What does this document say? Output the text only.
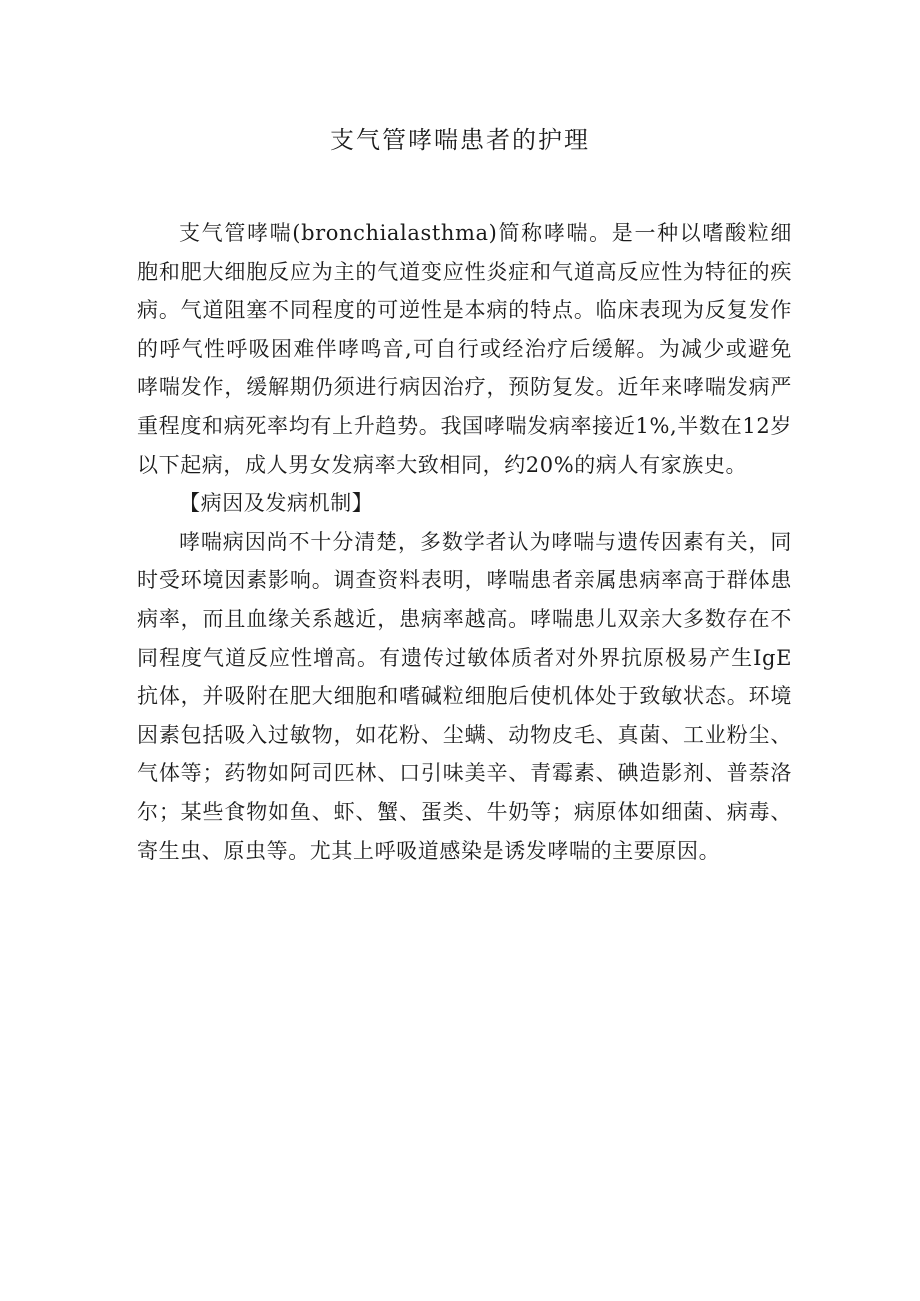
支气管哮喘患者的护理

支气管哮喘(bronchialasthma)简称哮喘。是一种以嗜酸粒细胞和肥大细胞反应为主的气道变应性炎症和气道高反应性为特征的疾病。气道阻塞不同程度的可逆性是本病的特点。临床表现为反复发作的呼气性呼吸困难伴哮鸣音,可自行或经治疗后缓解。为减少或避免哮喘发作，缓解期仍须进行病因治疗，预防复发。近年来哮喘发病严重程度和病死率均有上升趋势。我国哮喘发病率接近1%,半数在12岁以下起病，成人男女发病率大致相同，约20%的病人有家族史。

【病因及发病机制】

哮喘病因尚不十分清楚，多数学者认为哮喘与遗传因素有关，同时受环境因素影响。调查资料表明，哮喘患者亲属患病率高于群体患病率，而且血缘关系越近，患病率越高。哮喘患儿双亲大多数存在不同程度气道反应性增高。有遗传过敏体质者对外界抗原极易产生IgE抗体，并吸附在肥大细胞和嗜碱粒细胞后使机体处于致敏状态。环境因素包括吸入过敏物，如花粉、尘螨、动物皮毛、真菌、工业粉尘、气体等；药物如阿司匹林、口引味美辛、青霉素、碘造影剂、普萘洛尔；某些食物如鱼、虾、蟹、蛋类、牛奶等；病原体如细菌、病毒、寄生虫、原虫等。尤其上呼吸道感染是诱发哮喘的主要原因。
